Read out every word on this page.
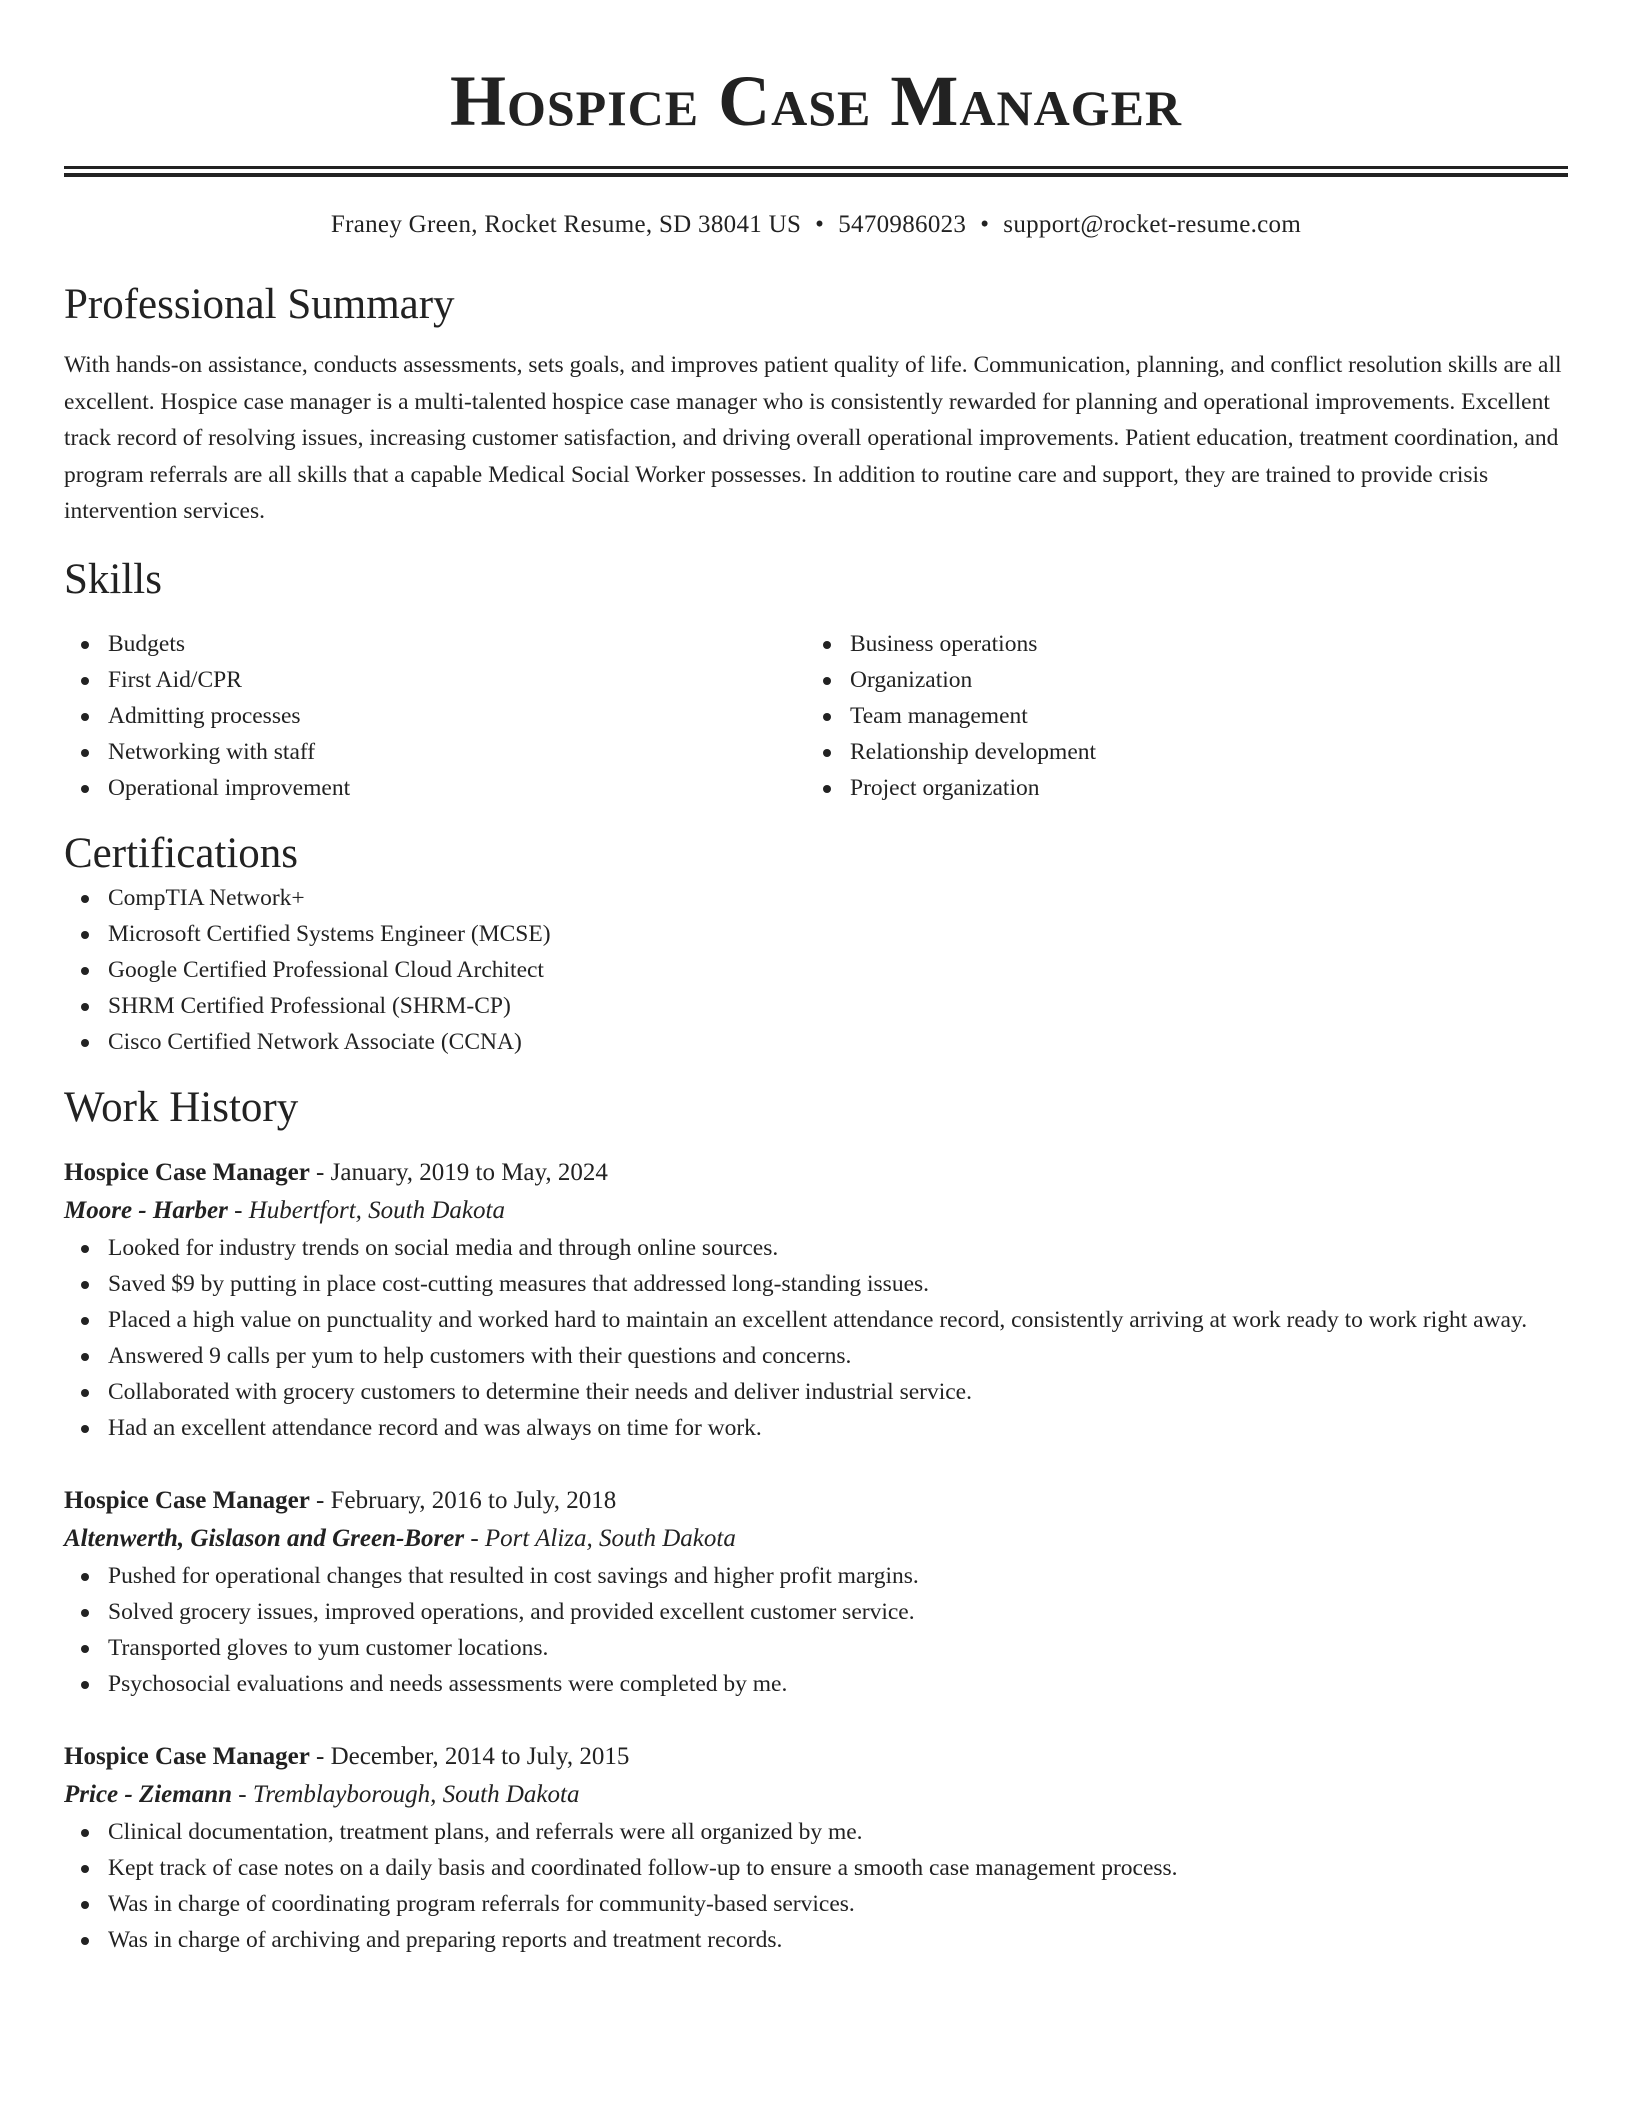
Hospice Case Manager
Franey Green, Rocket Resume, SD 38041 US • 5470986023 • support@rocket-resume.com
Professional Summary

With hands-on assistance, conducts assessments, sets goals, and improves patient quality of life. Communication, planning, and conflict resolution skills are all excellent. Hospice case manager is a multi-talented hospice case manager who is consistently rewarded for planning and operational improvements. Excellent track record of resolving issues, increasing customer satisfaction, and driving overall operational improvements. Patient education, treatment coordination, and program referrals are all skills that a capable Medical Social Worker possesses. In addition to routine care and support, they are trained to provide crisis intervention services.

Skills
Budgets
First Aid/CPR
Admitting processes
Networking with staff
Operational improvement
Business operations
Organization
Team management
Relationship development
Project organization
Certifications
CompTIA Network+
Microsoft Certified Systems Engineer (MCSE)
Google Certified Professional Cloud Architect
SHRM Certified Professional (SHRM-CP)
Cisco Certified Network Associate (CCNA)
Work History
Hospice Case Manager - January, 2019 to May, 2024
Moore - Harber - Hubertfort, South Dakota
Looked for industry trends on social media and through online sources.
Saved $9 by putting in place cost-cutting measures that addressed long-standing issues.
Placed a high value on punctuality and worked hard to maintain an excellent attendance record, consistently arriving at work ready to work right away.
Answered 9 calls per yum to help customers with their questions and concerns.
Collaborated with grocery customers to determine their needs and deliver industrial service.
Had an excellent attendance record and was always on time for work.
Hospice Case Manager - February, 2016 to July, 2018
Altenwerth, Gislason and Green-Borer - Port Aliza, South Dakota
Pushed for operational changes that resulted in cost savings and higher profit margins.
Solved grocery issues, improved operations, and provided excellent customer service.
Transported gloves to yum customer locations.
Psychosocial evaluations and needs assessments were completed by me.
Hospice Case Manager - December, 2014 to July, 2015
Price - Ziemann - Tremblayborough, South Dakota
Clinical documentation, treatment plans, and referrals were all organized by me.
Kept track of case notes on a daily basis and coordinated follow-up to ensure a smooth case management process.
Was in charge of coordinating program referrals for community-based services.
Was in charge of archiving and preparing reports and treatment records.
